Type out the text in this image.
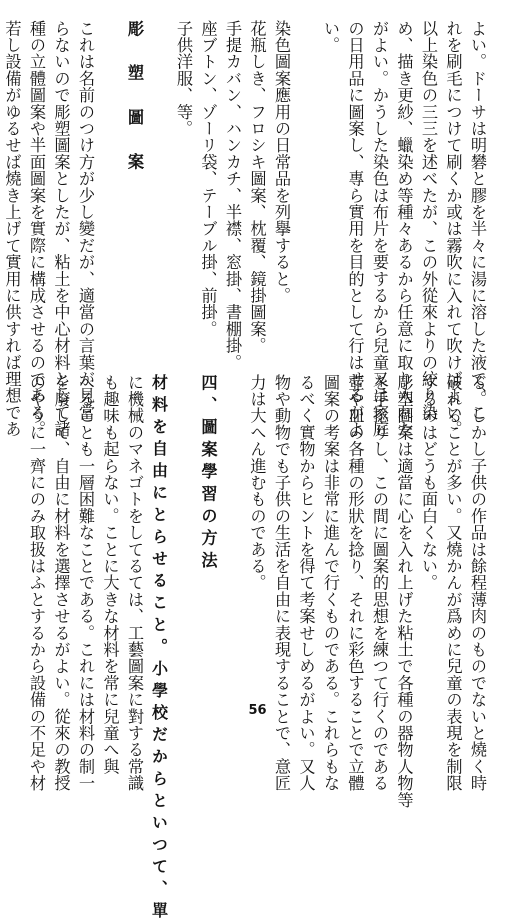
よい。ドーサは明礬と膠を半々に湯に溶した液で、こ
れを刷毛につけて刷くか或は霧吹に入れて吹けばよい。
以上染色の三三を述べたが、この外從來よりの絞り染
め、描き更紗、蠟染め等種々あるから任意に取り入れた
がよい。かうした染色は布片を要するから兒童又は家庭
の日用品に圖案し、專ら實用を目的として行はせるがよ
い。

染色圖案應用の日常品を列擧すると。
花瓶しき、フロシキ圖案、枕覆、鏡掛圖案。
手提カバン、ハンカチ、半襟、窓掛、書棚掛。
座ブトン、ゾーリ袋、テーブル掛、前掛。
子供洋服、等。

彫　塑　圖　案

これは名前のつけ方が少し變だが、適當の言葉が見當
らないので彫塑圖案としたが、粘土を中心材料として諸
種の立體圖案や半面圖案を實際に構成させるのである。
若し設備がゆるせば燒き上げて實用に供すれば理想であ
る。しかし子供の作品は餘程薄肉のものでないと燒く時
破れることが多い。又燒かんが爲めに兒童の表現を制限
するのはどうも面白くない。
彫塑圖案は適當に心を入れ上げた粘土で各種の器物人物等
を手捻りし、この間に圖案的思想を練つて行くのである
壺や皿の各種の形狀を捻り、それに彩色することで立體
圖案の考案は非常に進んで行くものである。これらもな
るべく實物からヒントを得て考案せしめるがよい。又人
物や動物でも子供の生活を自由に表現することで、意匠
力は大へん進むものである。

四、圖案學習の方法

材料を自由にとらせること。小學校だからといつて、單
に機械のマネゴトをしてるては、工藝圖案に對する常識
も趣味も起らない。ことに大きな材料を常に兒童へ與
へることも一層困難なことである。これには材料の制一
を廢して、自由に材料を選擇させるがよい。從來の教授
のやうに一齊にのみ取扱はふとするから設備の不足や材	56
